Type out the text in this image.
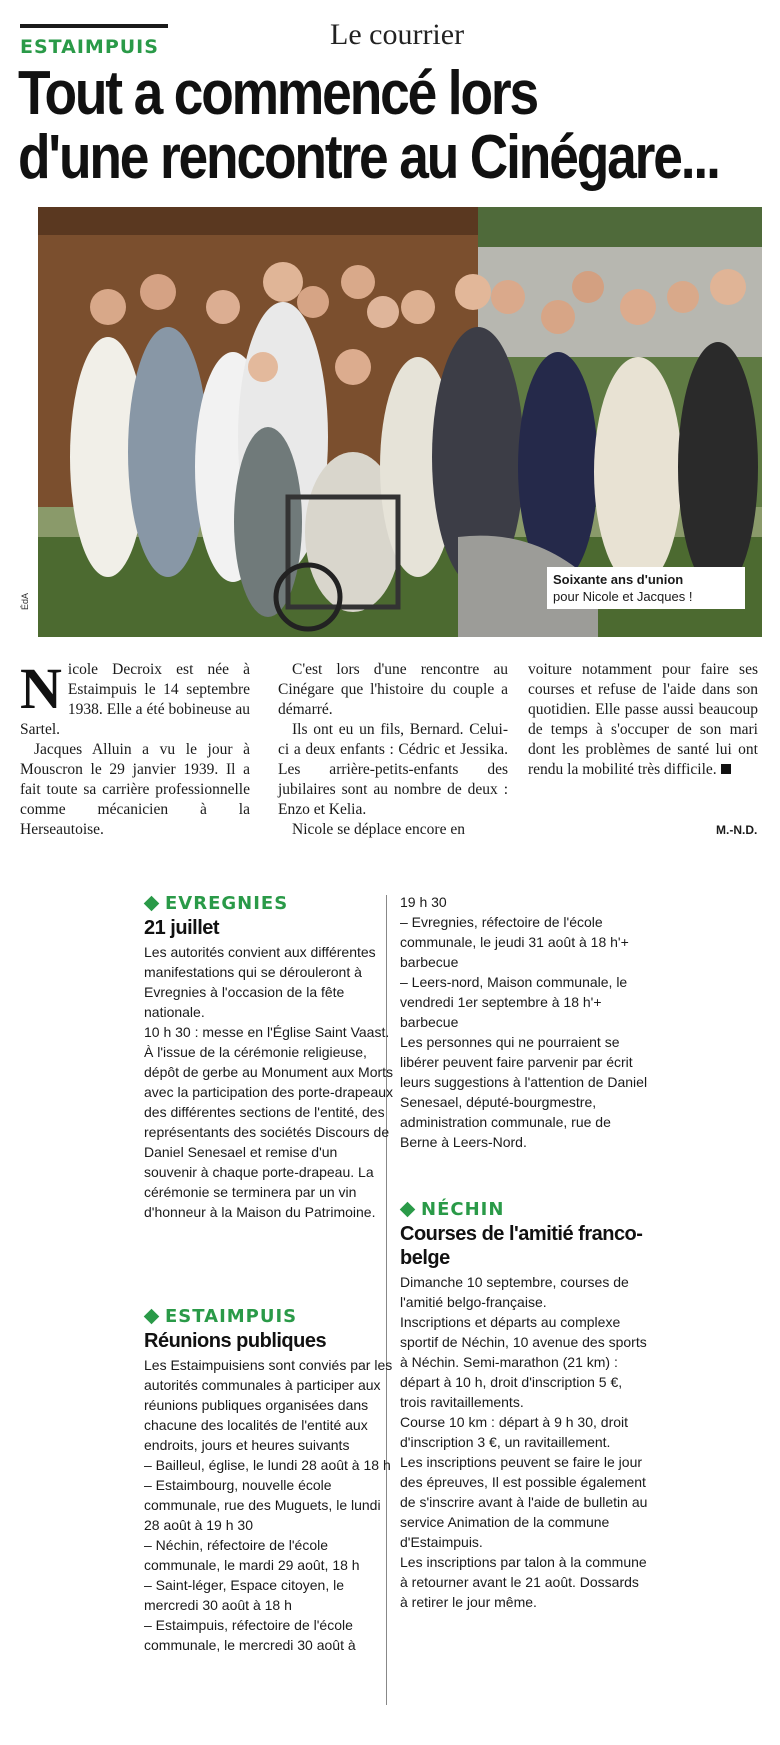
ESTAIMPUIS	Le courrier
Tout a commencé lors
d'une rencontre au Cinégare...
ÉdA
Soixante ans d'union
pour Nicole et Jacques !

Nicole Decroix est née à Estaimpuis le 14 septembre 1938. Elle a été bobineuse au Sartel.

Jacques Alluin a vu le jour à Mouscron le 29 janvier 1939. Il a fait toute sa carrière professionnelle comme mécanicien à la Herseautoise.

C'est lors d'une rencontre au Cinégare que l'histoire du couple a démarré.

Ils ont eu un fils, Bernard. Celui-ci a deux enfants : Cédric et Jessika. Les arrière-petits-enfants des jubilaires sont au nombre de deux : Enzo et Kelia.

Nicole se déplace encore en

voiture notamment pour faire ses courses et refuse de l'aide dans son quotidien. Elle passe aussi beaucoup de temps à s'occuper de son mari dont les problèmes de santé lui ont rendu la mobilité très difficile.

M.-N.D.
EVREGNIES
21 juillet
Les autorités convient aux différentes manifestations qui se dérouleront à Evregnies à l'occasion de la fête nationale.
10 h 30 : messe en l'Église Saint Vaast. À l'issue de la cérémonie religieuse, dépôt de gerbe au Monument aux Morts avec la participation des porte-drapeaux des différentes sections de l'entité, des représentants des sociétés Discours de Daniel Senesael et remise d'un souvenir à chaque porte-drapeau. La cérémonie se terminera par un vin d'honneur à la Maison du Patrimoine.
ESTAIMPUIS
Réunions publiques
Les Estaimpuisiens sont conviés par les autorités communales à participer aux réunions publiques organisées dans chacune des localités de l'entité aux endroits, jours et heures suivants
– Bailleul, église, le lundi 28 août à 18 h
– Estaimbourg, nouvelle école communale, rue des Muguets, le lundi 28 août à 19 h 30
– Néchin, réfectoire de l'école communale, le mardi 29 août, 18 h
– Saint-léger, Espace citoyen, le mercredi 30 août à 18 h
– Estaimpuis, réfectoire de l'école communale, le mercredi 30 août à
19 h 30
– Evregnies, réfectoire de l'école communale, le jeudi 31 août à 18 h'+ barbecue
– Leers-nord, Maison communale, le vendredi 1er septembre à 18 h'+ barbecue
Les personnes qui ne pourraient se libérer peuvent faire parvenir par écrit leurs suggestions à l'attention de Daniel Senesael, député-bourgmestre, administration communale, rue de Berne à Leers-Nord.
NÉCHIN
Courses de l'amitié franco-belge
Dimanche 10 septembre, courses de l'amitié belgo-française.
Inscriptions et départs au complexe sportif de Néchin, 10 avenue des sports à Néchin. Semi-marathon (21 km) : départ à 10 h, droit d'inscription 5 €, trois ravitaillements.
Course 10 km : départ à 9 h 30, droit d'inscription 3 €, un ravitaillement.
Les inscriptions peuvent se faire le jour des épreuves, Il est possible également de s'inscrire avant à l'aide de bulletin au service Animation de la commune d'Estaimpuis.
Les inscriptions par talon à la commune à retourner avant le 21 août. Dossards à retirer le jour même.
